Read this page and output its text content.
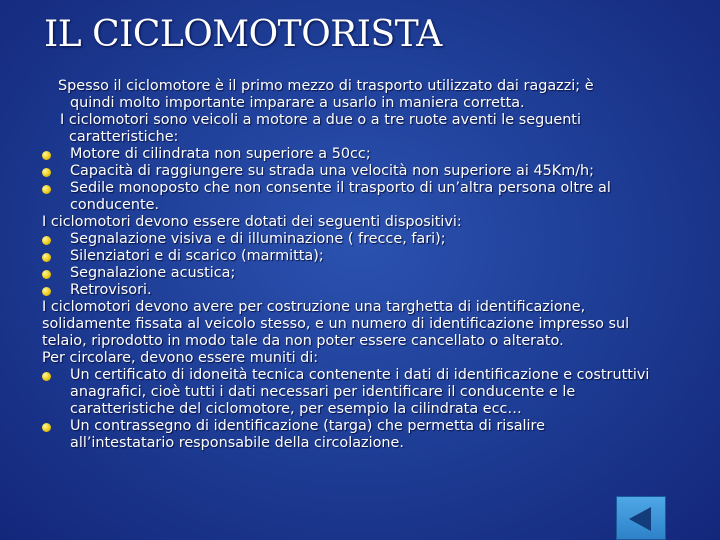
IL CICLOMOTORISTA

Spesso il ciclomotore è il primo mezzo di trasporto utilizzato dai ragazzi; è
quindi molto importante imparare a usarlo in maniera corretta.

I ciclomotori sono veicoli a motore a due o a tre ruote aventi le seguenti
caratteristiche:

Motore di cilindrata non superiore a 50cc;

Capacità di raggiungere su strada una velocità non superiore ai 45Km/h;

Sedile monoposto che non consente il trasporto di un’altra persona oltre al conducente.

I ciclomotori devono essere dotati dei seguenti dispositivi:

Segnalazione visiva e di illuminazione ( frecce, fari);

Silenziatori e di scarico (marmitta);

Segnalazione acustica;

Retrovisori.

I ciclomotori devono avere per costruzione una targhetta di identificazione, solidamente fissata al veicolo stesso, e un numero di identificazione impresso sul telaio, riprodotto in modo tale da non poter essere cancellato o alterato.

Per circolare, devono essere muniti di:

Un certificato di idoneità tecnica contenente i dati di identificazione e costruttivi anagrafici, cioè tutti i dati necessari per identificare il conducente e le caratteristiche del ciclomotore, per esempio la cilindrata ecc…

Un contrassegno di identificazione (targa) che permetta di risalire all’intestatario responsabile della circolazione.
